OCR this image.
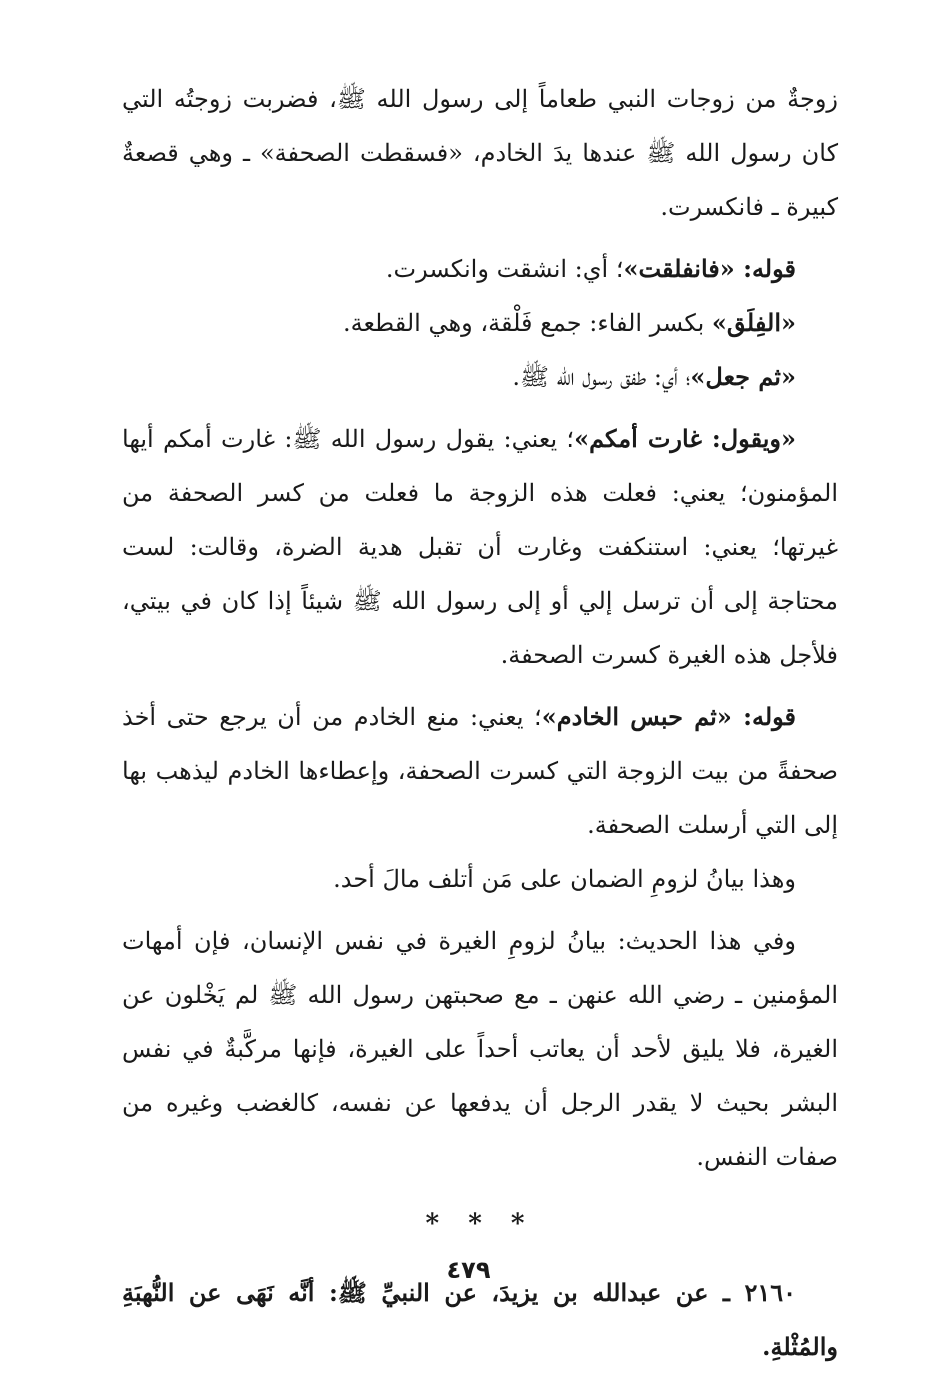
زوجةٌ من زوجات النبي طعاماً إلى رسول الله ﷺ، فضربت زوجتُه التي كان رسول الله ﷺ عندها يدَ الخادم، «فسقطت الصحفة» ـ وهي قصعةٌ كبيرة ـ فانكسرت.

قوله: «فانفلقت»؛ أي: انشقت وانكسرت.

«الفِلَق» بكسر الفاء: جمع فَلْقة، وهي القطعة.

«ثم جعل»؛ أي: طفق رسول الله ﷺ.

«ويقول: غارت أمكم»؛ يعني: يقول رسول الله ﷺ: غارت أمكم أيها المؤمنون؛ يعني: فعلت هذه الزوجة ما فعلت من كسر الصحفة من غيرتها؛ يعني: استنكفت وغارت أن تقبل هدية الضرة، وقالت: لست محتاجة إلى أن ترسل إلي أو إلى رسول الله ﷺ شيئاً إذا كان في بيتي، فلأجل هذه الغيرة كسرت الصحفة.

قوله: «ثم حبس الخادم»؛ يعني: منع الخادم من أن يرجع حتى أخذ صحفةً من بيت الزوجة التي كسرت الصحفة، وإعطاءها الخادم ليذهب بها إلى التي أرسلت الصحفة.

وهذا بيانُ لزومِ الضمان على مَن أتلف مالَ أحد.

وفي هذا الحديث: بيانُ لزومِ الغيرة في نفس الإنسان، فإن أمهات المؤمنين ـ رضي الله عنهن ـ مع صحبتهن رسول الله ﷺ لم يَخْلون عن الغيرة، فلا يليق لأحد أن يعاتب أحداً على الغيرة، فإنها مركَّبةٌ في نفس البشر بحيث لا يقدر الرجل أن يدفعها عن نفسه، كالغضب وغيره من صفات النفس.

* * *

٢١٦٠ ـ عن عبدالله بن يزيدَ، عن النبيِّ ﷺ: أنَّه نَهَى عن النُّهبَةِ والمُثْلةِ.

٤٧٩
